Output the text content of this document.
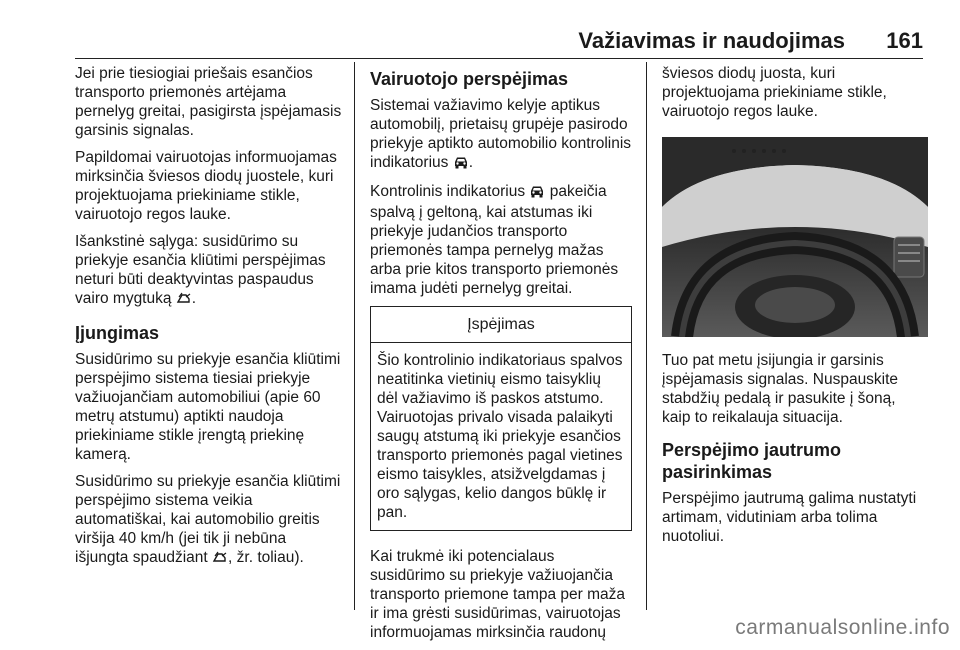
Važiavimas ir naudojimas 161

Jei prie tiesiogiai priešais esančios transporto priemonės artėjama pernelyg greitai, pasigirsta įspėjamasis garsinis signalas.

Papildomai vairuotojas informuojamas mirksinčia šviesos diodų juostele, kuri projektuojama priekiniame stikle, vairuotojo regos lauke.

Išankstinė sąlyga: susidūrimo su priekyje esančia kliūtimi perspėjimas neturi būti deaktyvintas paspaudus vairo mygtuką .

Įjungimas

Susidūrimo su priekyje esančia kliūtimi perspėjimo sistema tiesiai priekyje važiuojančiam automobiliui (apie 60 metrų atstumu) aptikti naudoja priekiniame stikle įrengtą priekinę kamerą.

Susidūrimo su priekyje esančia kliūtimi perspėjimo sistema veikia automatiškai, kai automobilio greitis viršija 40 km/h (jei tik ji nebūna išjungta spaudžiant , žr. toliau).

Vairuotojo perspėjimas

Sistemai važiavimo kelyje aptikus automobilį, prietaisų grupėje pasirodo priekyje aptikto automobilio kontrolinis indikatorius .

Kontrolinis indikatorius pakeičia spalvą į geltoną, kai atstumas iki priekyje judančios transporto priemonės tampa pernelyg mažas arba prie kitos transporto priemonės imama judėti pernelyg greitai.

Įspėjimas
Šio kontrolinio indikatoriaus spalvos neatitinka vietinių eismo taisyklių dėl važiavimo iš paskos atstumo. Vairuotojas privalo visada palaikyti saugų atstumą iki priekyje esančios transporto priemonės pagal vietines eismo taisykles, atsižvelgdamas į oro sąlygas, kelio dangos būklę ir pan.

Kai trukmė iki potencialaus susidūrimo su priekyje važiuojančia transporto priemone tampa per maža ir ima grėsti susidūrimas, vairuotojas informuojamas mirksinčia raudonų

šviesos diodų juosta, kuri projektuojama priekiniame stikle, vairuotojo regos lauke.

Tuo pat metu įsijungia ir garsinis įspėjamasis signalas. Nuspauskite stabdžių pedalą ir pasukite į šoną, kaip to reikalauja situacija.

Perspėjimo jautrumo pasirinkimas

Perspėjimo jautrumą galima nustatyti artimam, vidutiniam arba tolima nuotoliui.

carmanualsonline.info
